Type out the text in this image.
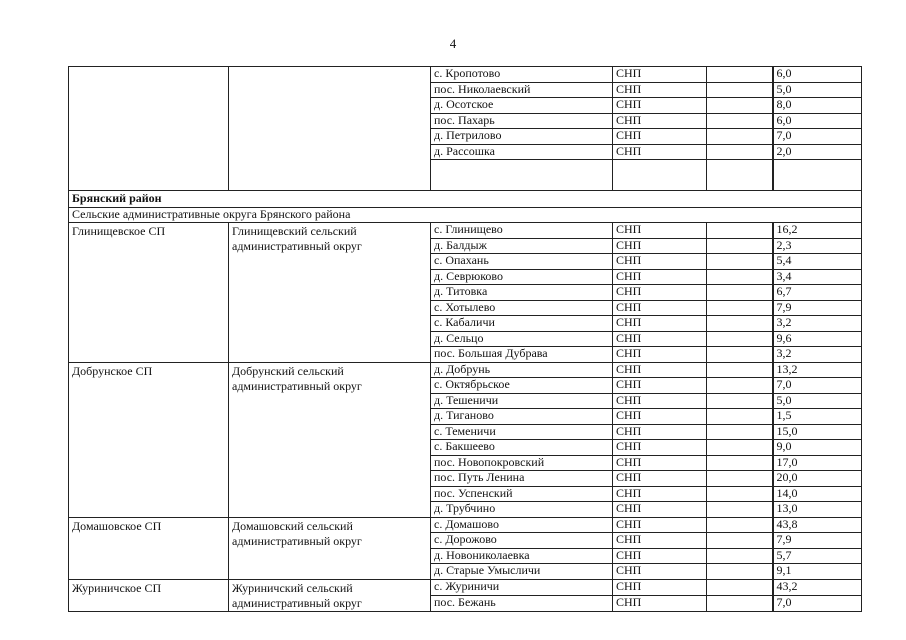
4
		с. Кропотово	СНП		6,0
		пос. Николаевский	СНП		5,0
		д. Осотское	СНП		8,0
		пос. Пахарь	СНП		6,0
		д. Петрилово	СНП		7,0
		д. Рассошка	СНП		2,0

Брянский район					
Сельские административные округа Брянского района					
Глинищевское СП	Глинищевский сельский административный округ	с. Глинищево	СНП		16,2
		д. Балдыж	СНП		2,3
		с. Опахань	СНП		5,4
		д. Севрюково	СНП		3,4
		д. Титовка	СНП		6,7
		с. Хотылево	СНП		7,9
		с. Кабаличи	СНП		3,2
		д. Сельцо	СНП		9,6
		пос. Большая Дубрава	СНП		3,2
Добрунское СП	Добрунский сельский административный округ	д. Добрунь	СНП		13,2
		с. Октябрьское	СНП		7,0
		д. Тешеничи	СНП		5,0
		д. Тиганово	СНП		1,5
		с. Теменичи	СНП		15,0
		с. Бакшеево	СНП		9,0
		пос. Новопокровский	СНП		17,0
		пос. Путь Ленина	СНП		20,0
		пос. Успенский	СНП		14,0
		д. Трубчино	СНП		13,0
Домашовское СП	Домашовский сельский административный округ	с. Домашово	СНП		43,8
		с. Дорожово	СНП		7,9
		д. Новониколаевка	СНП		5,7
		д. Старые Умысличи	СНП		9,1
Журиничское СП	Журиничский сельский административный округ	с. Журиничи	СНП		43,2
		пос. Бежань	СНП		7,0
